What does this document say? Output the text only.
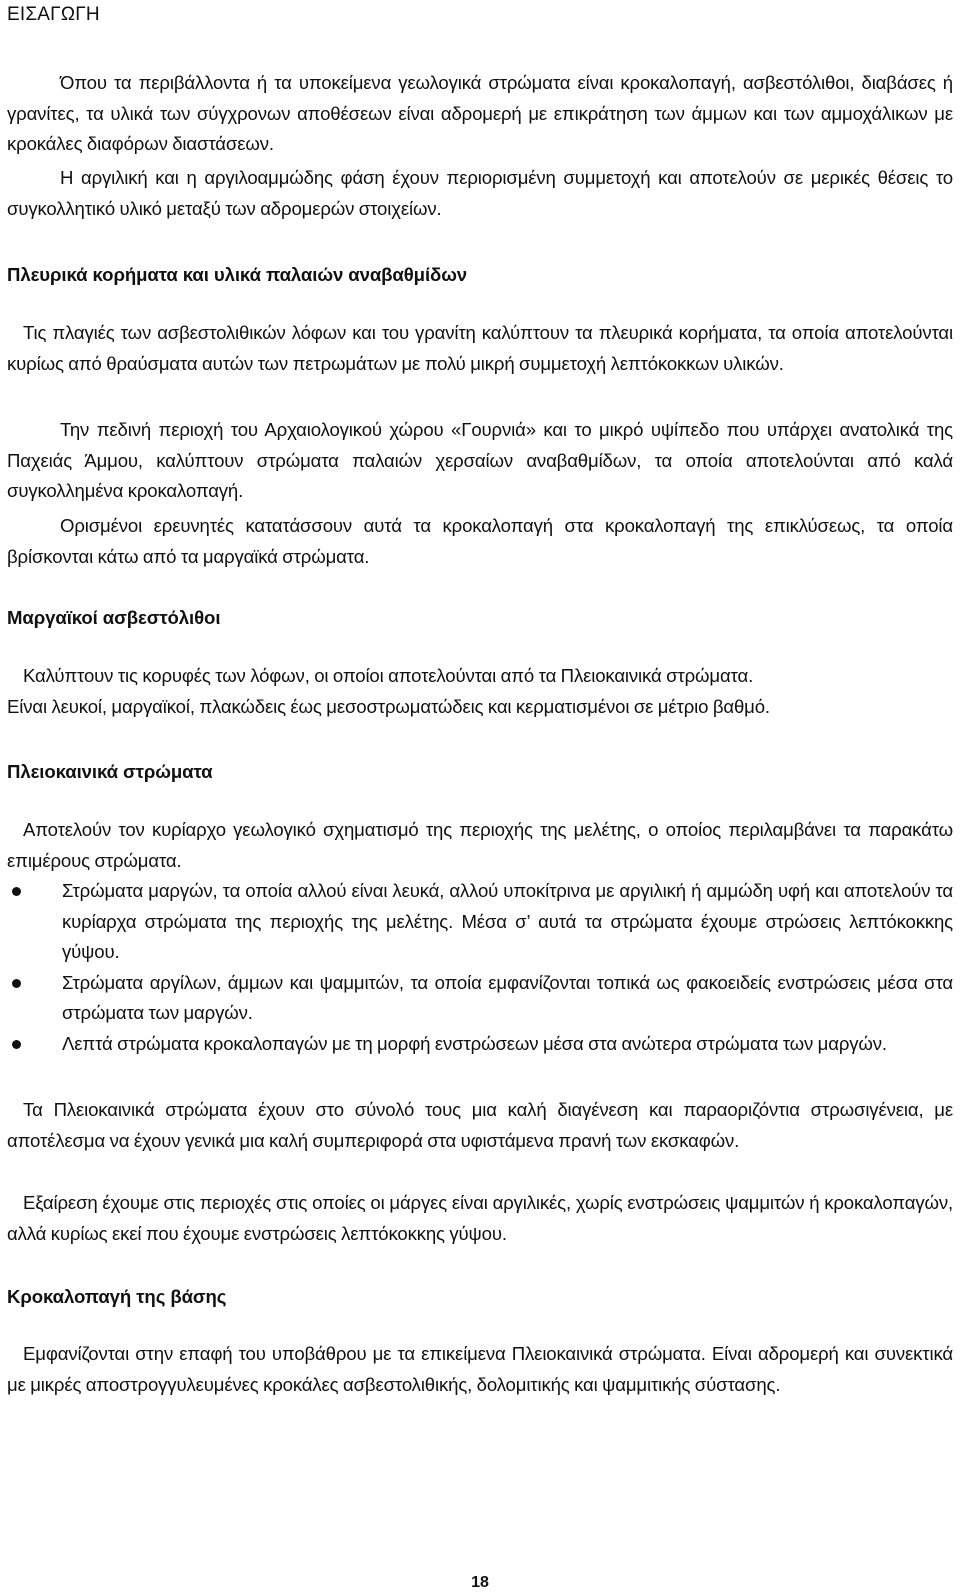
ΕΙΣΑΓΩΓΗ
Όπου τα περιβάλλοντα ή τα υποκείμενα γεωλογικά στρώματα είναι κροκαλοπαγή, ασβεστόλιθοι, διαβάσες ή γρανίτες, τα υλικά των σύγχρονων αποθέσεων είναι αδρομερή με επικράτηση των άμμων και των αμμοχάλικων με κροκάλες διαφόρων διαστάσεων.
Η αργιλική και η αργιλοαμμώδης φάση έχουν περιορισμένη συμμετοχή και αποτελούν σε μερικές θέσεις το συγκολλητικό υλικό μεταξύ των αδρομερών στοιχείων.
Πλευρικά κορήματα και υλικά παλαιών αναβαθμίδων
Τις πλαγιές των ασβεστολιθικών λόφων και του γρανίτη καλύπτουν τα πλευρικά κορήματα, τα οποία αποτελούνται κυρίως από θραύσματα αυτών των πετρωμάτων με πολύ μικρή συμμετοχή λεπτόκοκκων υλικών.
Την πεδινή περιοχή του Αρχαιολογικού χώρου «Γουρνιά» και το μικρό υψίπεδο που υπάρχει ανατολικά της Παχειάς Άμμου, καλύπτουν στρώματα παλαιών χερσαίων αναβαθμίδων, τα οποία αποτελούνται από καλά συγκολλημένα κροκαλοπαγή.
Ορισμένοι ερευνητές κατατάσσουν αυτά τα κροκαλοπαγή στα κροκαλοπαγή της επικλύσεως, τα οποία βρίσκονται κάτω από τα μαργαϊκά στρώματα.
Μαργαϊκοί ασβεστόλιθοι
Καλύπτουν τις κορυφές των λόφων, οι οποίοι αποτελούνται από τα Πλειοκαινικά στρώματα.
Είναι λευκοί, μαργαϊκοί, πλακώδεις έως μεσοστρωματώδεις και κερματισμένοι σε μέτριο βαθμό.
Πλειοκαινικά στρώματα
Αποτελούν τον κυρίαρχο γεωλογικό σχηματισμό της περιοχής της μελέτης, ο οποίος περιλαμβάνει τα παρακάτω επιμέρους στρώματα.
Στρώματα μαργών, τα οποία αλλού είναι λευκά, αλλού υποκίτρινα με αργιλική ή αμμώδη υφή και αποτελούν τα κυρίαρχα στρώματα της περιοχής της μελέτης. Μέσα σ’ αυτά τα στρώματα έχουμε στρώσεις λεπτόκοκκης γύψου.
Στρώματα αργίλων, άμμων και ψαμμιτών, τα οποία εμφανίζονται τοπικά ως φακοειδείς ενστρώσεις μέσα στα στρώματα των μαργών.
Λεπτά στρώματα κροκαλοπαγών με τη μορφή ενστρώσεων μέσα στα ανώτερα στρώματα των μαργών.
Τα Πλειοκαινικά στρώματα έχουν στο σύνολό τους μια καλή διαγένεση και παραοριζόντια στρωσιγένεια, με αποτέλεσμα να έχουν γενικά μια καλή συμπεριφορά στα υφιστάμενα πρανή των εκσκαφών.
Εξαίρεση έχουμε στις περιοχές στις οποίες οι μάργες είναι αργιλικές, χωρίς ενστρώσεις ψαμμιτών ή κροκαλοπαγών, αλλά κυρίως εκεί που έχουμε ενστρώσεις λεπτόκοκκης γύψου.
Κροκαλοπαγή της βάσης
Εμφανίζονται στην επαφή του υποβάθρου με τα επικείμενα Πλειοκαινικά στρώματα. Είναι αδρομερή και συνεκτικά με μικρές αποστρογγυλευμένες κροκάλες ασβεστολιθικής, δολομιτικής και ψαμμιτικής σύστασης.
18
